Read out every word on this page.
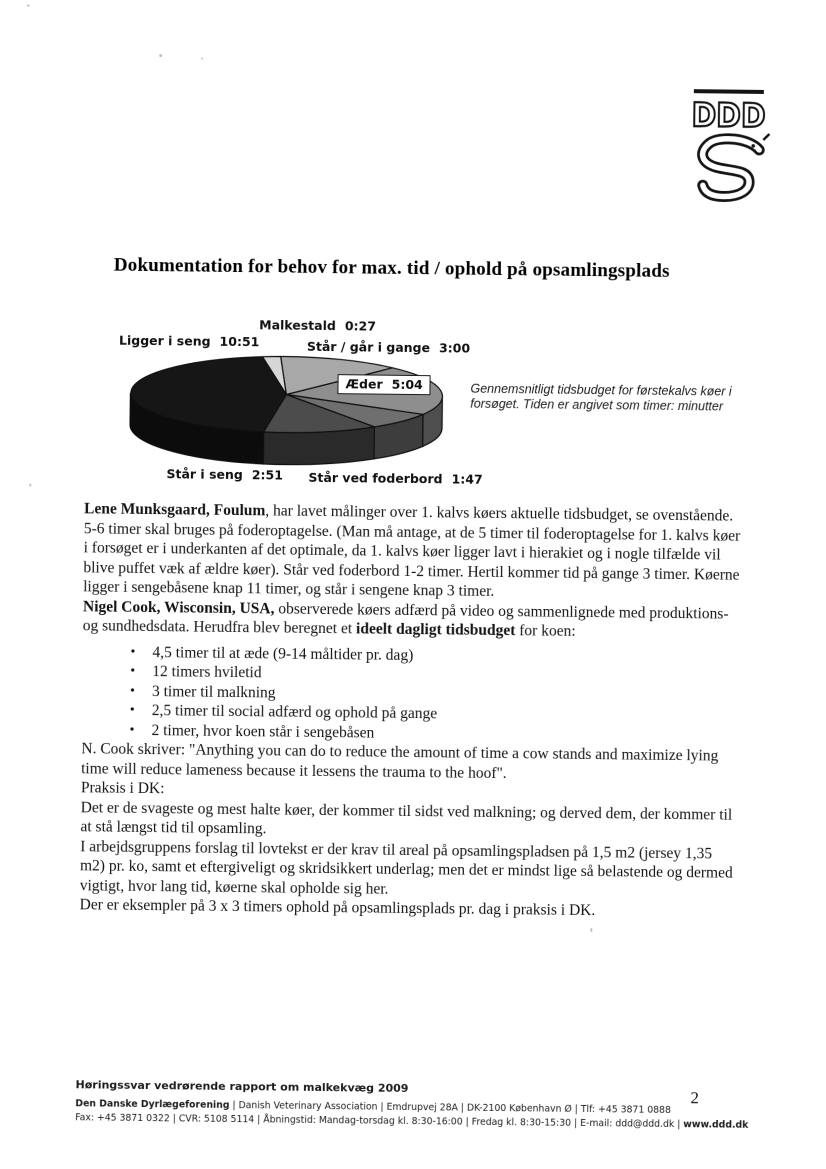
DDD
Dokumentation for behov for max. tid / ophold på opsamlingsplads
Malkestald 0:27
Ligger i seng 10:51	Står / går i gange 3:00
Æder 5:04
Står i seng 2:51 Står ved foderbord 1:47
Gennemsnitligt tidsbudget for førstekalvs køer i forsøget. Tiden er angivet som timer: minutter

Lene Munksgaard, Foulum, har lavet målinger over 1. kalvs køers aktuelle tidsbudget, se ovenstående.
5-6 timer skal bruges på foderoptagelse. (Man må antage, at de 5 timer til foderoptagelse for 1. kalvs køer i forsøget er i underkanten af det optimale, da 1. kalvs køer ligger lavt i hierakiet og i nogle tilfælde vil blive puffet væk af ældre køer). Står ved foderbord 1-2 timer. Hertil kommer tid på gange 3 timer. Køerne ligger i sengebåsene knap 11 timer, og står i sengene knap 3 timer.

Nigel Cook, Wisconsin, USA, observerede køers adfærd på video og sammenlignede med produktions- og sundhedsdata. Herudfra blev beregnet et ideelt dagligt tidsbudget for koen:

•	4,5 timer til at æde (9-14 måltider pr. dag)
•	12 timers hviletid
•	3 timer til malkning
•	2,5 timer til social adfærd og ophold på gange
•	2 timer, hvor koen står i sengebåsen

N. Cook skriver: "Anything you can do to reduce the amount of time a cow stands and maximize lying time will reduce lameness because it lessens the trauma to the hoof".

Praksis i DK:
Det er de svageste og mest halte køer, der kommer til sidst ved malkning; og derved dem, der kommer til at stå længst tid til opsamling.

I arbejdsgruppens forslag til lovtekst er der krav til areal på opsamlingspladsen på 1,5 m2 (jersey 1,35 m2) pr. ko, samt et eftergiveligt og skridsikkert underlag; men det er mindst lige så belastende og dermed vigtigt, hvor lang tid, køerne skal opholde sig her.

Der er eksempler på 3 x 3 timers ophold på opsamlingsplads pr. dag i praksis i DK.

Høringssvar vedrørende rapport om malkekvæg 2009
Den Danske Dyrlægeforening | Danish Veterinary Association | Emdrupvej 28A | DK-2100 København Ø | Tlf: +45 3871 0888
Fax: +45 3871 0322 | CVR: 5108 5114 | Åbningstid: Mandag-torsdag kl. 8:30-16:00 | Fredag kl. 8:30-15:30 | E-mail: ddd@ddd.dk | www.ddd.dk
2
